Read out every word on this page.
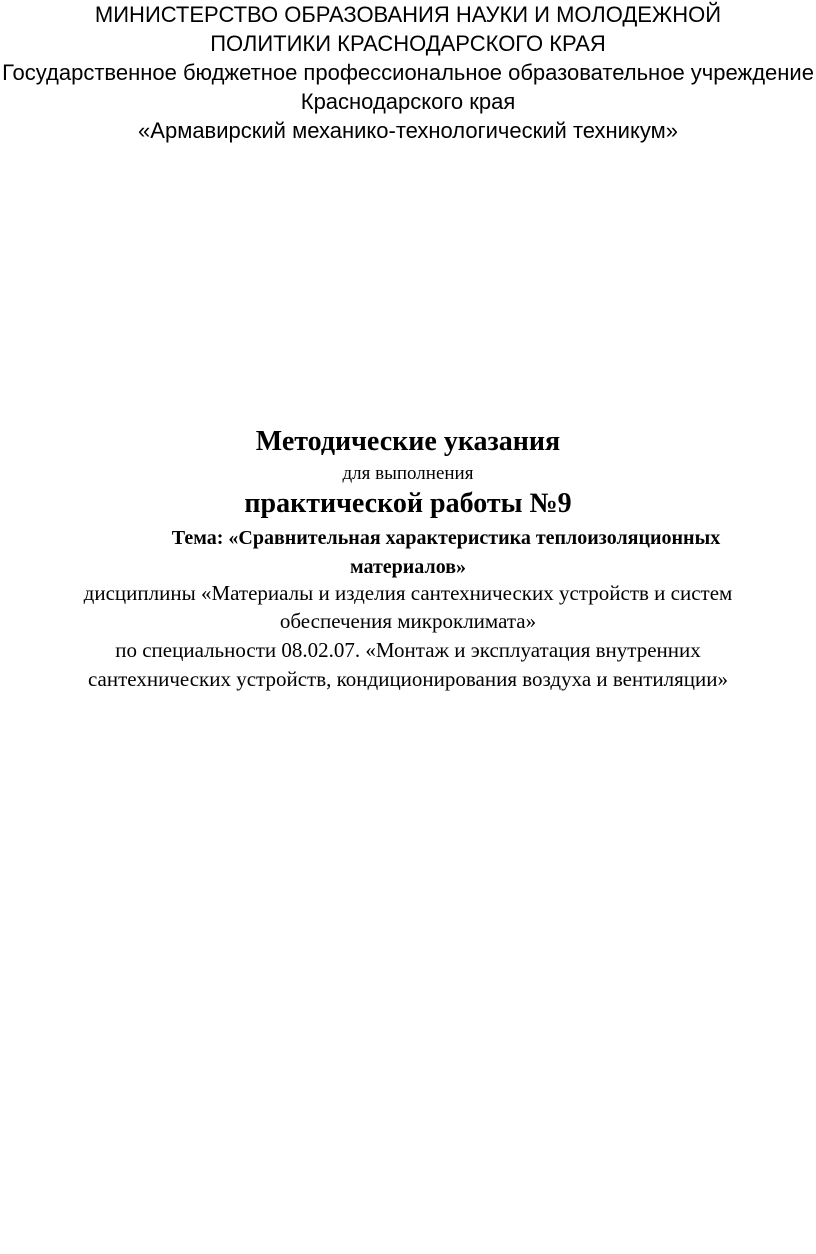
МИНИСТЕРСТВО ОБРАЗОВАНИЯ НАУКИ И МОЛОДЕЖНОЙ
ПОЛИТИКИ КРАСНОДАРСКОГО КРАЯ
Государственное бюджетное профессиональное образовательное учреждение
Краснодарского края
«Армавирский механико-технологический техникум»
Методические указания
для выполнения
практической работы №9
Тема: «Сравнительная характеристика теплоизоляционных
материалов»
дисциплины «Материалы и изделия сантехнических устройств и систем
обеспечения микроклимата»
по специальности 08.02.07. «Монтаж и эксплуатация внутренних
сантехнических устройств, кондиционирования воздуха и вентиляции»
